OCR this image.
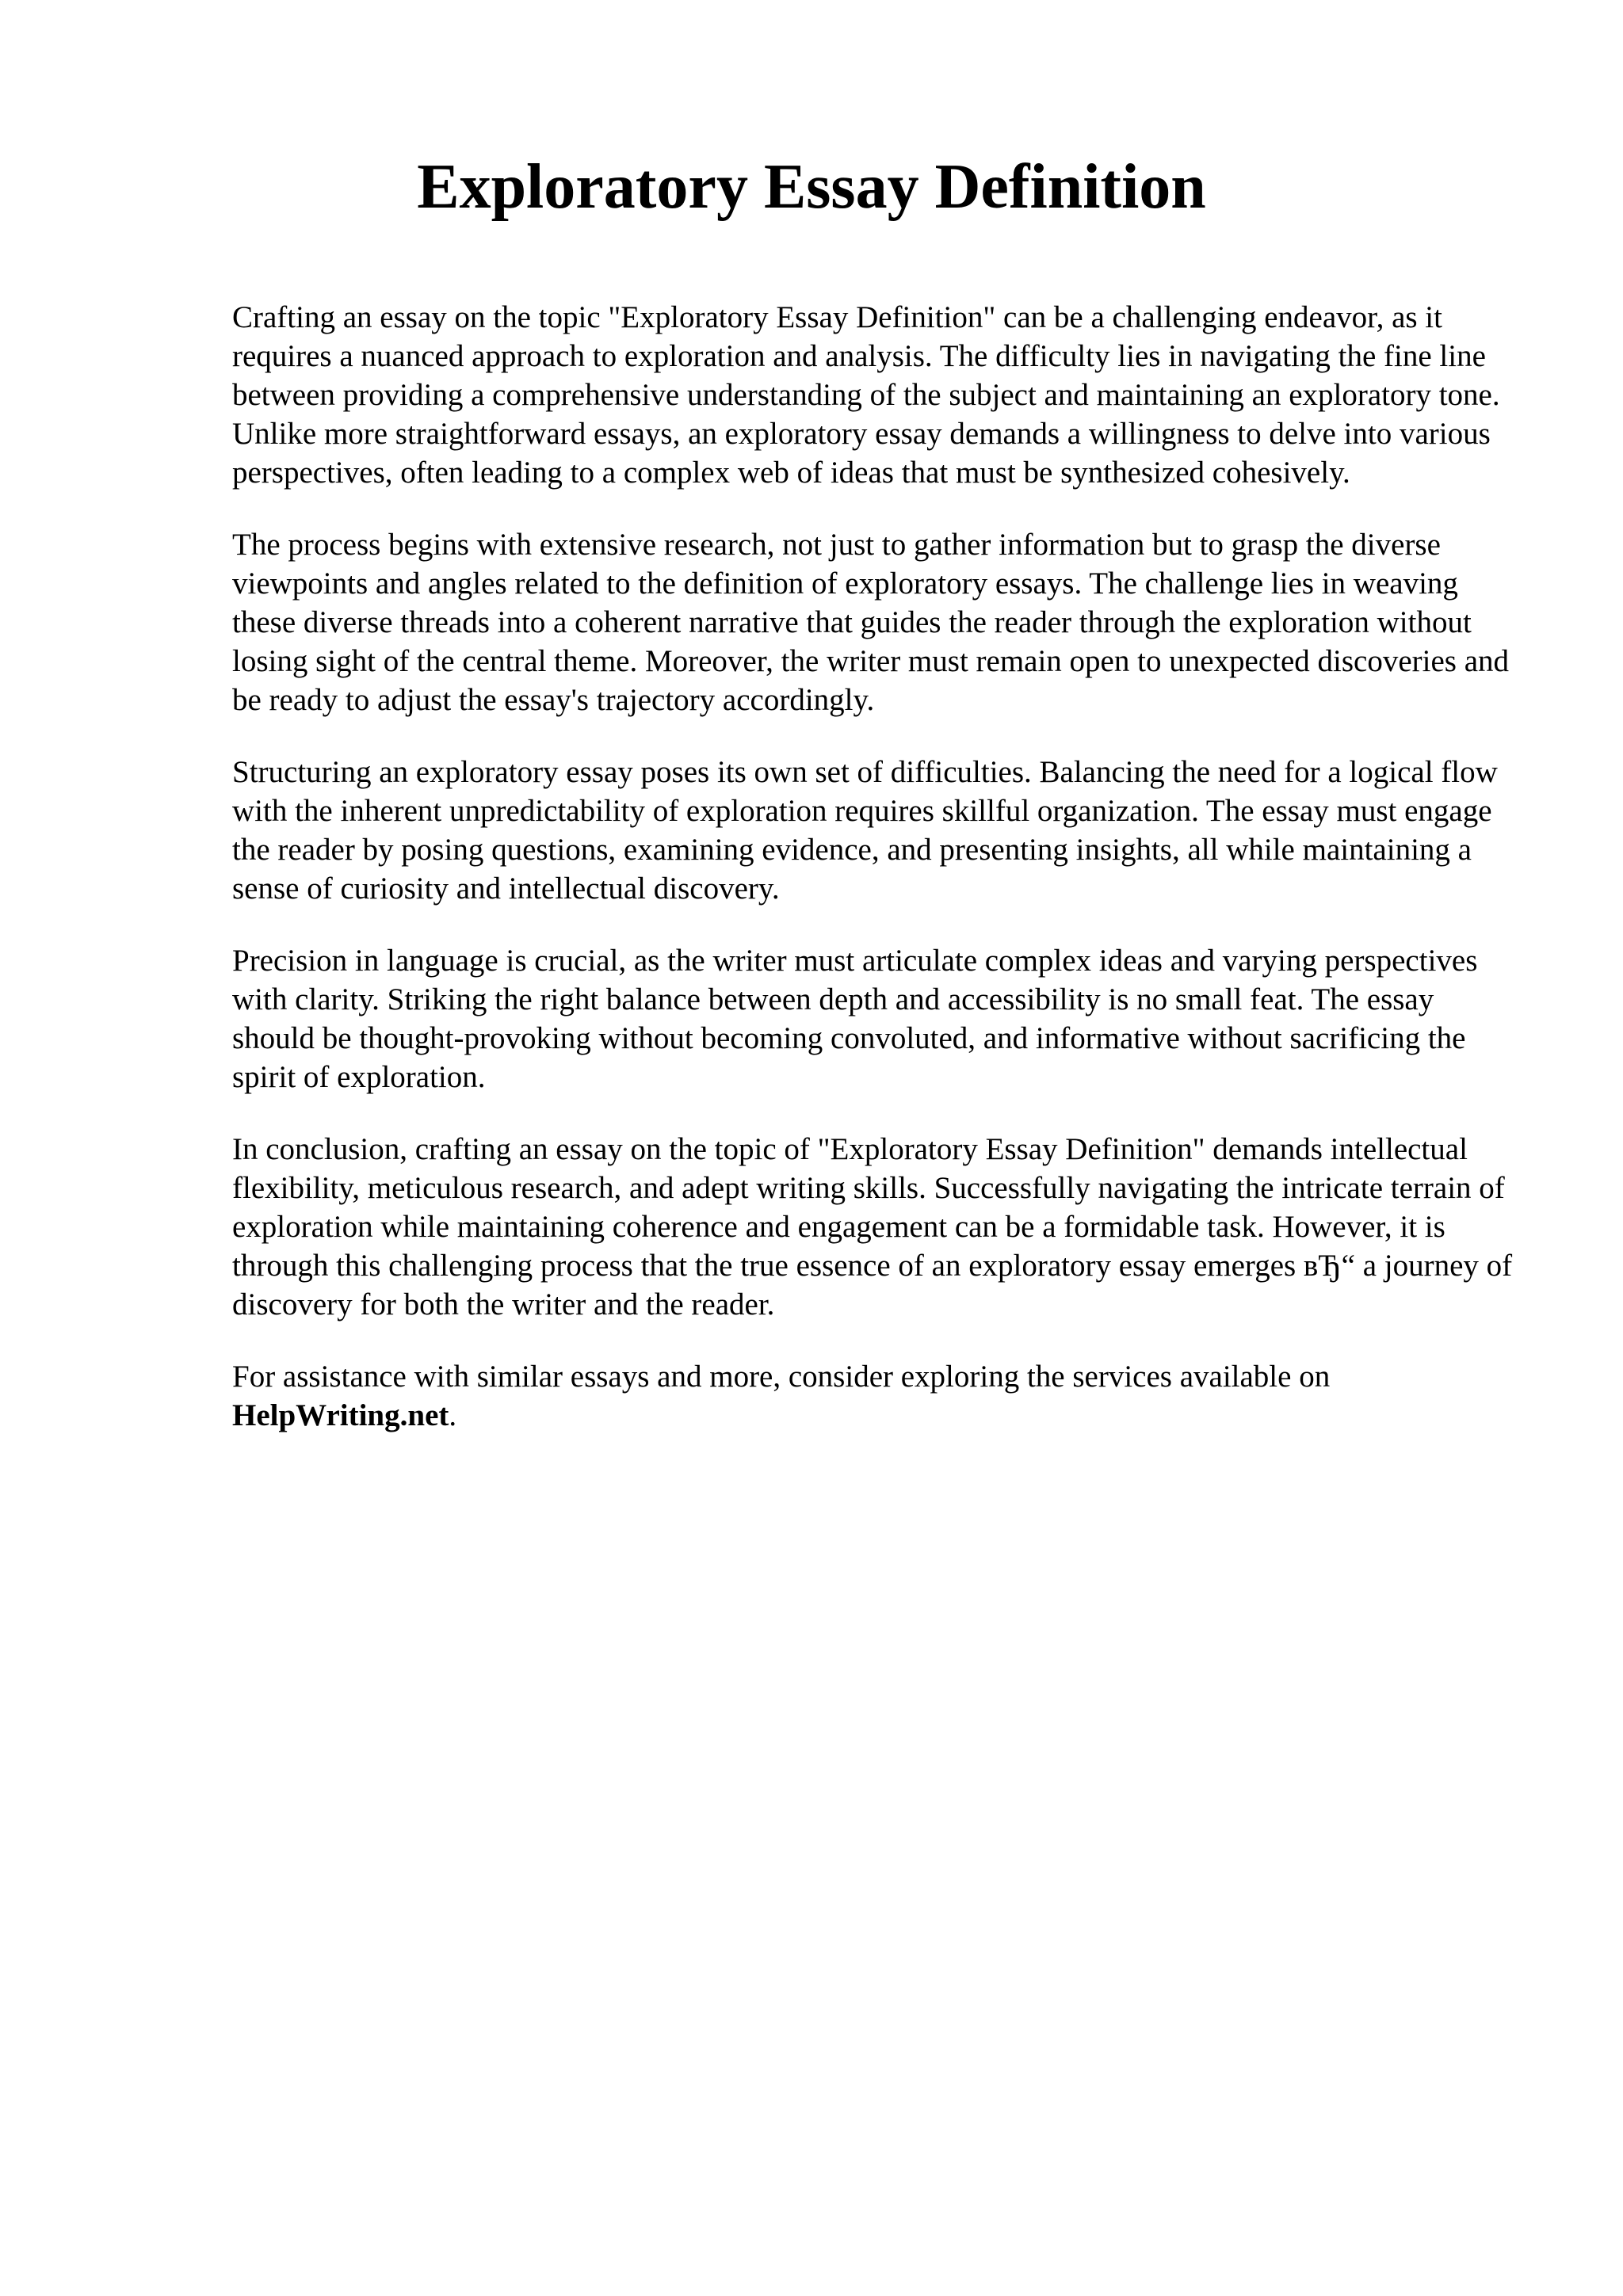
Exploratory Essay Definition

Crafting an essay on the topic "Exploratory Essay Definition" can be a challenging endeavor, as it requires a nuanced approach to exploration and analysis. The difficulty lies in navigating the fine line between providing a comprehensive understanding of the subject and maintaining an exploratory tone. Unlike more straightforward essays, an exploratory essay demands a willingness to delve into various perspectives, often leading to a complex web of ideas that must be synthesized cohesively.

The process begins with extensive research, not just to gather information but to grasp the diverse viewpoints and angles related to the definition of exploratory essays. The challenge lies in weaving these diverse threads into a coherent narrative that guides the reader through the exploration without losing sight of the central theme. Moreover, the writer must remain open to unexpected discoveries and be ready to adjust the essay's trajectory accordingly.

Structuring an exploratory essay poses its own set of difficulties. Balancing the need for a logical flow with the inherent unpredictability of exploration requires skillful organization. The essay must engage the reader by posing questions, examining evidence, and presenting insights, all while maintaining a sense of curiosity and intellectual discovery.

Precision in language is crucial, as the writer must articulate complex ideas and varying perspectives with clarity. Striking the right balance between depth and accessibility is no small feat. The essay should be thought-provoking without becoming convoluted, and informative without sacrificing the spirit of exploration.

In conclusion, crafting an essay on the topic of "Exploratory Essay Definition" demands intellectual flexibility, meticulous research, and adept writing skills. Successfully navigating the intricate terrain of exploration while maintaining coherence and engagement can be a formidable task. However, it is through this challenging process that the true essence of an exploratory essay emerges вЂ“ a journey of discovery for both the writer and the reader.

For assistance with similar essays and more, consider exploring the services available on HelpWriting.net.
